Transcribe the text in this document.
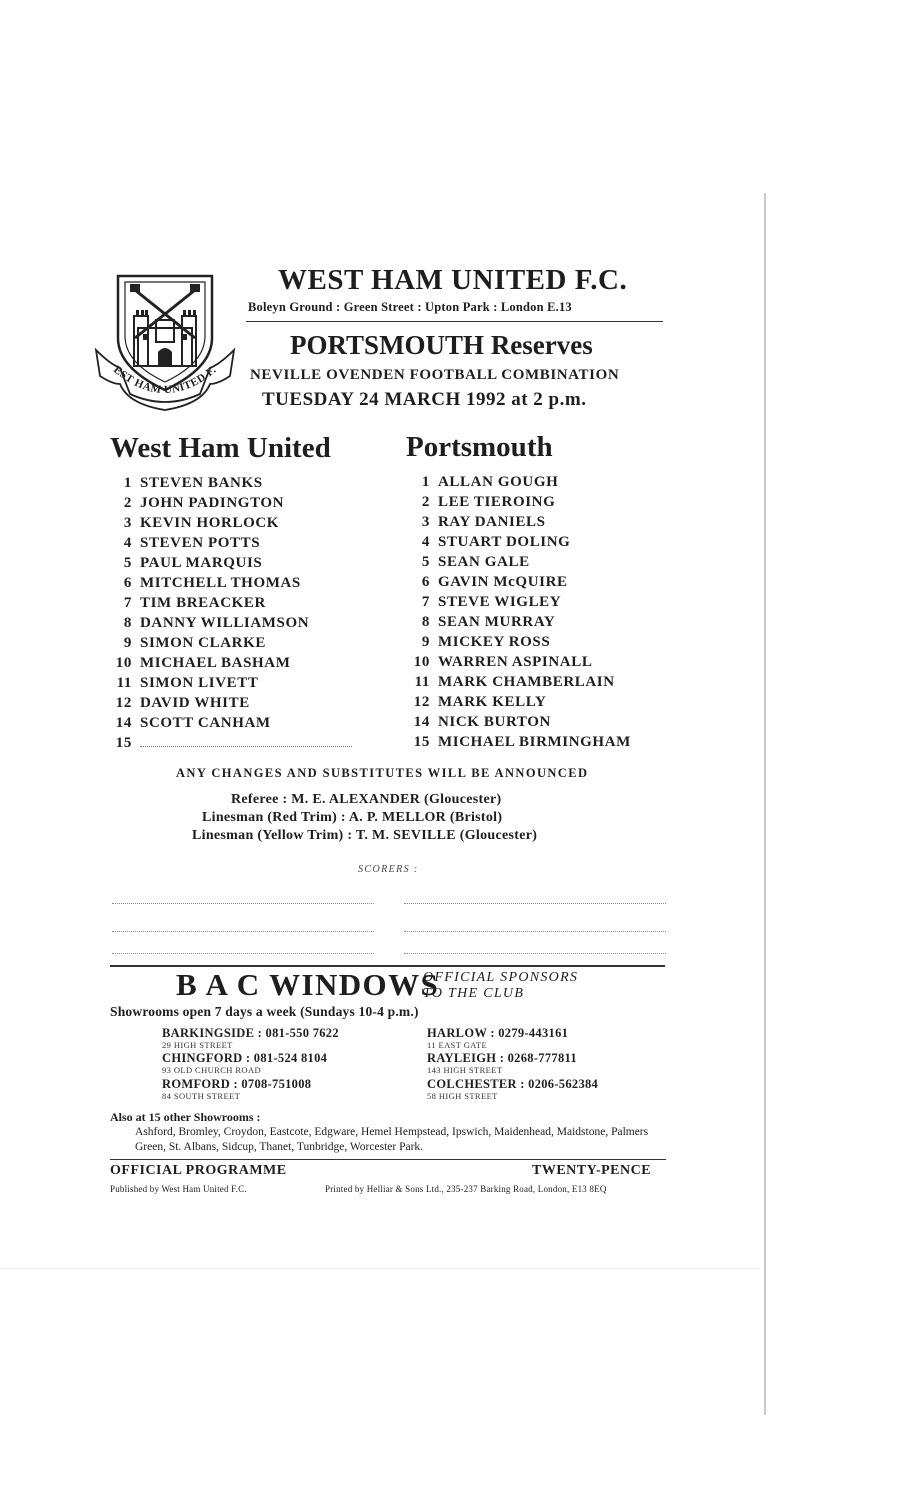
EST HAM UNITED F.
WEST HAM UNITED F.C.
Boleyn Ground : Green Street : Upton Park : London E.13
PORTSMOUTH Reserves
NEVILLE OVENDEN FOOTBALL COMBINATION
TUESDAY 24 MARCH 1992 at 2 p.m.
West Ham United	Portsmouth
1 STEVEN BANKS
2 JOHN PADINGTON
3 KEVIN HORLOCK
4 STEVEN POTTS
5 PAUL MARQUIS
6 MITCHELL THOMAS
7 TIM BREACKER
8 DANNY WILLIAMSON
9 SIMON CLARKE
10 MICHAEL BASHAM
11 SIMON LIVETT
12 DAVID WHITE
14 SCOTT CANHAM
15
1 ALLAN GOUGH
2 LEE TIEROING
3 RAY DANIELS
4 STUART DOLING
5 SEAN GALE
6 GAVIN McQUIRE
7 STEVE WIGLEY
8 SEAN MURRAY
9 MICKEY ROSS
10 WARREN ASPINALL
11 MARK CHAMBERLAIN
12 MARK KELLY
14 NICK BURTON
15 MICHAEL BIRMINGHAM
ANY CHANGES AND SUBSTITUTES WILL BE ANNOUNCED
Referee : M. E. ALEXANDER (Gloucester)
Linesman (Red Trim) : A. P. MELLOR (Bristol)
Linesman (Yellow Trim) : T. M. SEVILLE (Gloucester)
SCORERS :
B A C WINDOWS
OFFICIAL SPONSORS
TO THE CLUB
Showrooms open 7 days a week (Sundays 10-4 p.m.)
BARKINGSIDE : 081-550 7622
29 HIGH STREET
CHINGFORD : 081-524 8104
93 OLD CHURCH ROAD
ROMFORD : 0708-751008
84 SOUTH STREET
HARLOW : 0279-443161
11 EAST GATE
RAYLEIGH : 0268-777811
143 HIGH STREET
COLCHESTER : 0206-562384
58 HIGH STREET
Also at 15 other Showrooms :
Ashford, Bromley, Croydon, Eastcote, Edgware, Hemel Hempstead, Ipswich, Maidenhead, Maidstone, Palmers Green, St. Albans, Sidcup, Thanet, Tunbridge, Worcester Park.
OFFICIAL PROGRAMME	TWENTY-PENCE
Published by West Ham United F.C.	Printed by Helliar & Sons Ltd., 235-237 Barking Road, London, E13 8EQ
